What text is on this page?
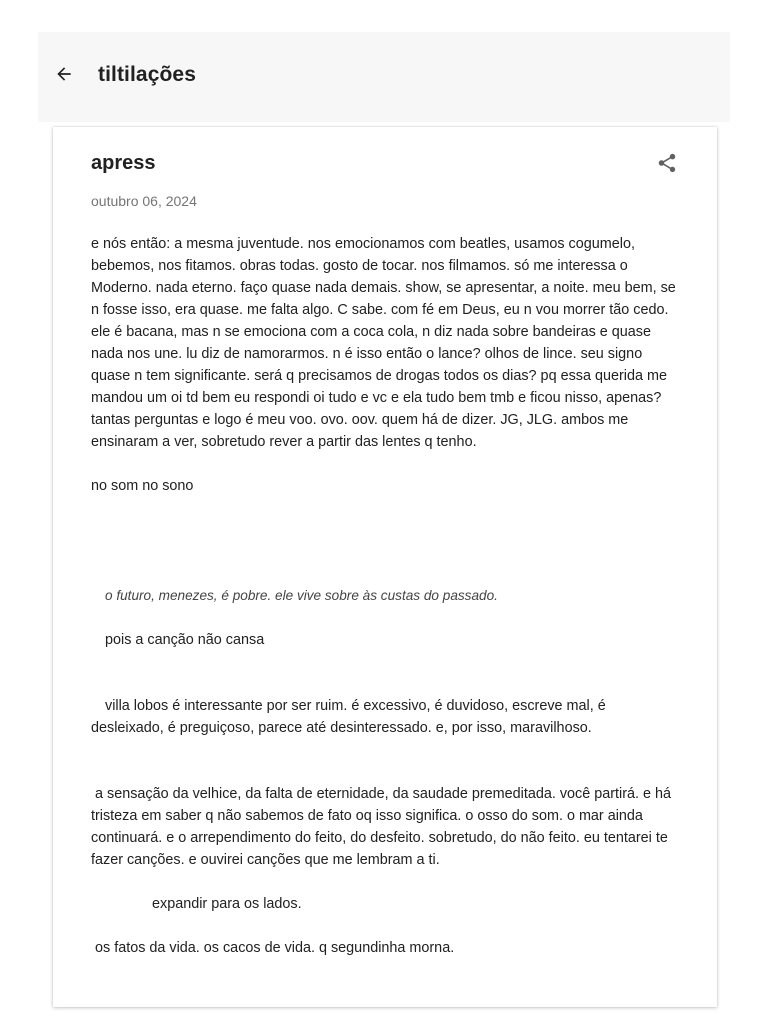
tiltilações
apress
outubro 06, 2024

e nós então: a mesma juventude. nos emocionamos com beatles, usamos cogumelo, bebemos, nos fitamos. obras todas. gosto de tocar. nos filmamos. só me interessa o Moderno. nada eterno. faço quase nada demais. show, se apresentar, a noite. meu bem, se n fosse isso, era quase. me falta algo. C sabe. com fé em Deus, eu n vou morrer tão cedo. ele é bacana, mas n se emociona com a coca cola, n diz nada sobre bandeiras e quase nada nos une. lu diz de namorarmos. n é isso então o lance? olhos de lince. seu signo quase n tem significante. será q precisamos de drogas todos os dias? pq essa querida me mandou um oi td bem eu respondi oi tudo e vc e ela tudo bem tmb e ficou nisso, apenas? tantas perguntas e logo é meu voo. ovo. oov. quem há de dizer. JG, JLG. ambos me ensinaram a ver, sobretudo rever a partir das lentes q tenho.

no som no sono

o futuro, menezes, é pobre. ele vive sobre às custas do passado.

pois a canção não cansa

villa lobos é interessante por ser ruim. é excessivo, é duvidoso, escreve mal, é desleixado, é preguiçoso, parece até desinteressado. e, por isso, maravilhoso.

a sensação da velhice, da falta de eternidade, da saudade premeditada. você partirá. e há tristeza em saber q não sabemos de fato oq isso significa. o osso do som. o mar ainda continuará. e o arrependimento do feito, do desfeito. sobretudo, do não feito. eu tentarei te fazer canções. e ouvirei canções que me lembram a ti.

expandir para os lados.

os fatos da vida. os cacos de vida. q segundinha morna.
